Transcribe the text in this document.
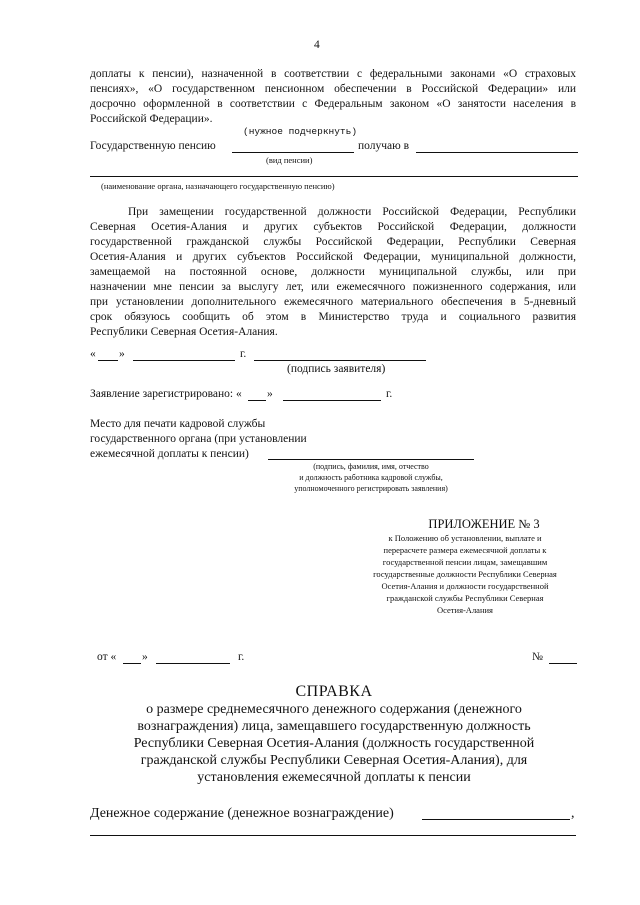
4
доплаты к пенсии), назначенной в соответствии с федеральными законами «О страховых
пенсиях», «О государственном пенсионном обеспечении в Российской Федерации» или
досрочно оформленной в соответствии с Федеральным законом «О занятости населения в
Российской Федерации».
(нужное подчеркнуть)
Государственную пенсию	получаю в
(вид пенсии)
(наименование органа, назначающего государственную пенсию)
При замещении государственной должности Российской Федерации, Республики
Северная Осетия-Алания и других субъектов Российской Федерации, должности
государственной гражданской службы Российской Федерации, Республики Северная
Осетия-Алания и других субъектов Российской Федерации, муниципальной должности,
замещаемой на постоянной основе, должности муниципальной службы, или при
назначении мне пенсии за выслугу лет, или ежемесячного пожизненного содержания, или
при установлении дополнительного ежемесячного материального обеспечения в 5-дневный
срок обязуюсь сообщить об этом в Министерство труда и социального развития
Республики Северная Осетия-Алания.
« »	г.
(подпись заявителя)
Заявление зарегистрировано: « »	г.
Место для печати кадровой службы
государственного органа (при установлении
ежемесячной доплаты к пенсии)
(подпись, фамилия, имя, отчество
и должность работника кадровой службы,
уполномоченного регистрировать заявления)
ПРИЛОЖЕНИЕ № 3
к Положению об установлении, выплате и
перерасчете размера ежемесячной доплаты к
государственной пенсии лицам, замещавшим
государственные должности Республики Северная
Осетия-Алания и должности государственной
гражданской службы Республики Северная
Осетия-Алания
от « »	г.	№
СПРАВКА
о размере среднемесячного денежного содержания (денежного
вознаграждения) лица, замещавшего государственную должность
Республики Северная Осетия-Алания (должность государственной
гражданской службы Республики Северная Осетия-Алания), для
установления ежемесячной доплаты к пенсии
Денежное содержание (денежное вознаграждение)	,
